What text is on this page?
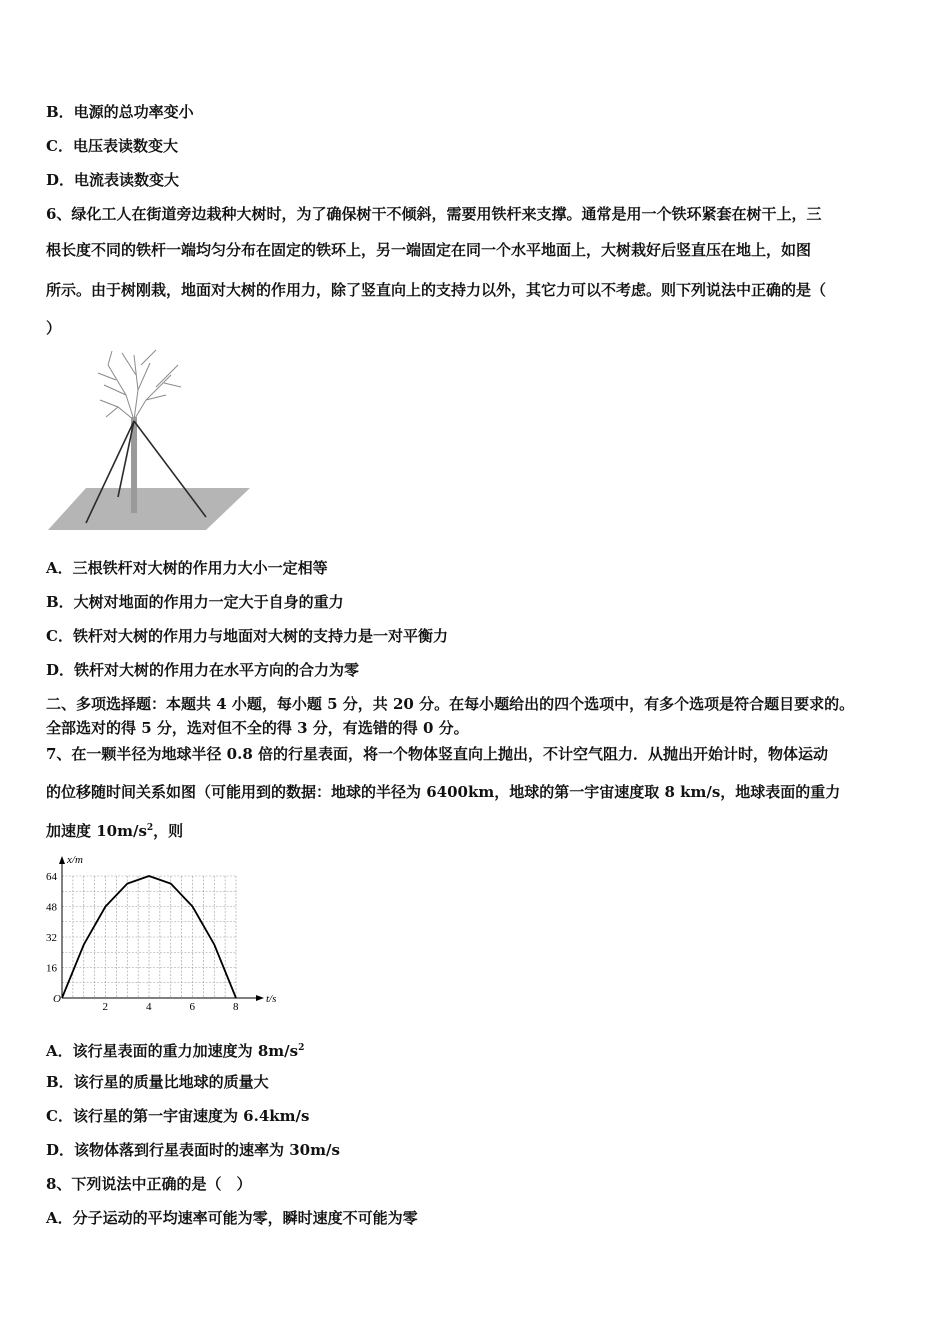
B．电源的总功率变小
C．电压表读数变大
D．电流表读数变大
6、绿化工人在街道旁边栽种大树时，为了确保树干不倾斜，需要用铁杆来支撑。通常是用一个铁环紧套在树干上，三
根长度不同的铁杆一端均匀分布在固定的铁环上，另一端固定在同一个水平地面上，大树栽好后竖直压在地上，如图
所示。由于树刚栽，地面对大树的作用力，除了竖直向上的支持力以外，其它力可以不考虑。则下列说法中正确的是（
）
A．三根铁杆对大树的作用力大小一定相等
B．大树对地面的作用力一定大于自身的重力
C．铁杆对大树的作用力与地面对大树的支持力是一对平衡力
D．铁杆对大树的作用力在水平方向的合力为零
二、多项选择题：本题共 4 小题，每小题 5 分，共 20 分。在每小题给出的四个选项中，有多个选项是符合题目要求的。
全部选对的得 5 分，选对但不全的得 3 分，有选错的得 0 分。
7、在一颗半径为地球半径 0.8 倍的行星表面，将一个物体竖直向上抛出，不计空气阻力．从抛出开始计时，物体运动
的位移随时间关系如图（可能用到的数据：地球的半径为 6400km，地球的第一宇宙速度取 8 km/s，地球表面的重力
加速度 $10m/s^2$，则
t/s
x/m
O
2	4	6	8
16
32
48
64
A．该行星表面的重力加速度为 $8m/s^2$
B．该行星的质量比地球的质量大
C．该行星的第一宇宙速度为 6.4km/s
D．该物体落到行星表面时的速率为 30m/s
8、下列说法中正确的是（　）
A．分子运动的平均速率可能为零，瞬时速度不可能为零
